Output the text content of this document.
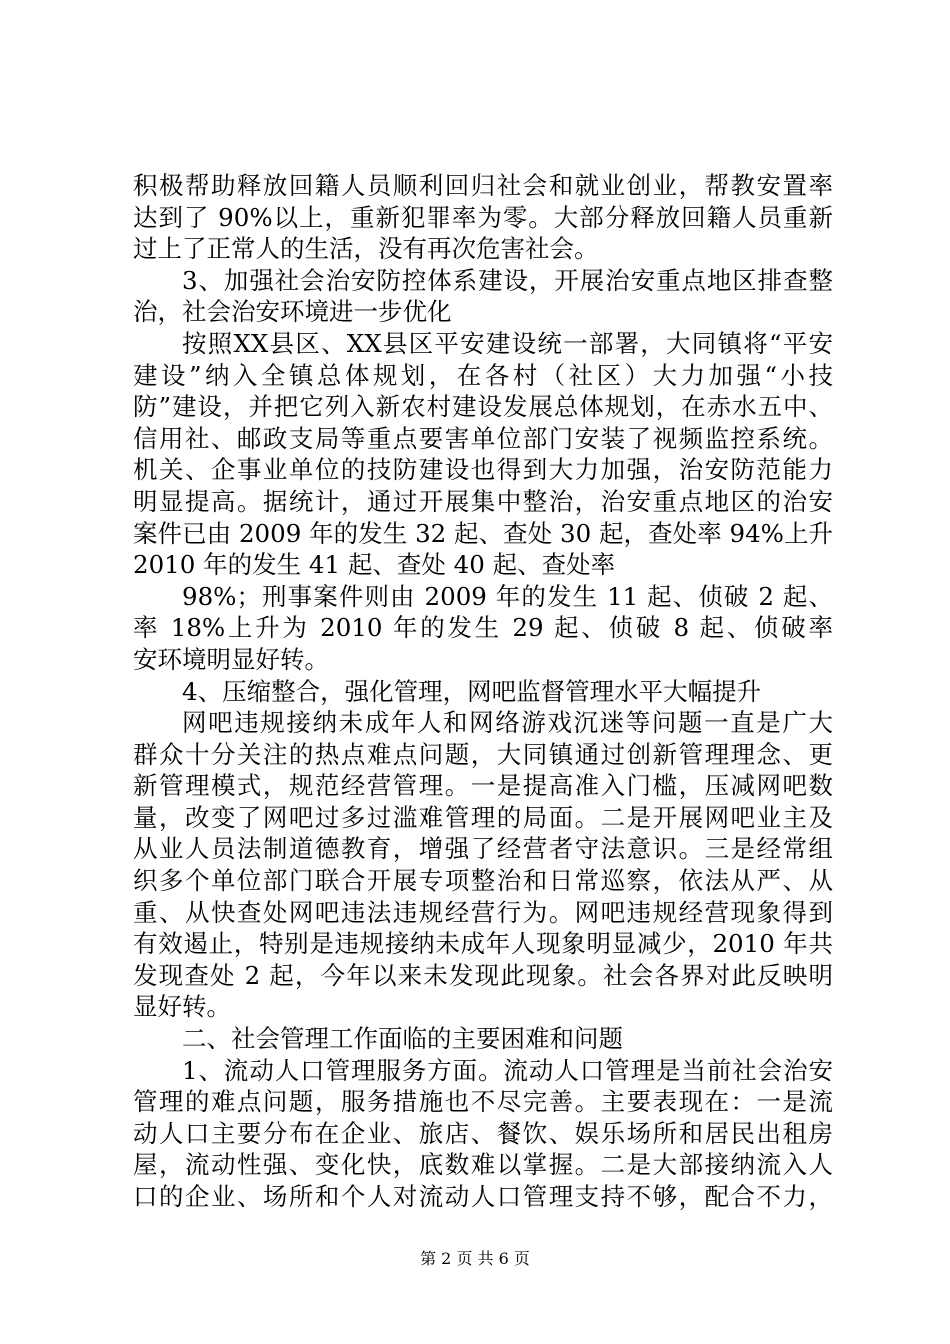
积极帮助释放回籍人员顺利回归社会和就业创业，帮教安置率
达到了 90%以上，重新犯罪率为零。大部分释放回籍人员重新
过上了正常人的生活，没有再次危害社会。
3、加强社会治安防控体系建设，开展治安重点地区排查整
治，社会治安环境进一步优化
按照XX县区、XX县区平安建设统一部署，大同镇将“平安
建设”纳入全镇总体规划，在各村（社区）大力加强“小技
防”建设，并把它列入新农村建设发展总体规划，在赤水五中、
信用社、邮政支局等重点要害单位部门安装了视频监控系统。
机关、企事业单位的技防建设也得到大力加强，治安防范能力
明显提高。据统计，通过开展集中整治，治安重点地区的治安
案件已由 2009 年的发生 32 起、查处 30 起，查处率 94%上升
2010 年的发生 41 起、查处 40 起、查处率
98%；刑事案件则由 2009 年的发生 11 起、侦破 2 起、
率 18%上升为 2010 年的发生 29 起、侦破 8 起、侦破率
安环境明显好转。
4、压缩整合，强化管理，网吧监督管理水平大幅提升
网吧违规接纳未成年人和网络游戏沉迷等问题一直是广大
群众十分关注的热点难点问题，大同镇通过创新管理理念、更
新管理模式，规范经营管理。一是提高准入门槛，压减网吧数
量，改变了网吧过多过滥难管理的局面。二是开展网吧业主及
从业人员法制道德教育，增强了经营者守法意识。三是经常组
织多个单位部门联合开展专项整治和日常巡察，依法从严、从
重、从快查处网吧违法违规经营行为。网吧违规经营现象得到
有效遏止，特别是违规接纳未成年人现象明显减少，2010 年共
发现查处 2 起，今年以来未发现此现象。社会各界对此反映明
显好转。
二、社会管理工作面临的主要困难和问题
1、流动人口管理服务方面。流动人口管理是当前社会治安
管理的难点问题，服务措施也不尽完善。主要表现在：一是流
动人口主要分布在企业、旅店、餐饮、娱乐场所和居民出租房
屋，流动性强、变化快，底数难以掌握。二是大部接纳流入人
口的企业、场所和个人对流动人口管理支持不够，配合不力，
第 2 页 共 6 页
